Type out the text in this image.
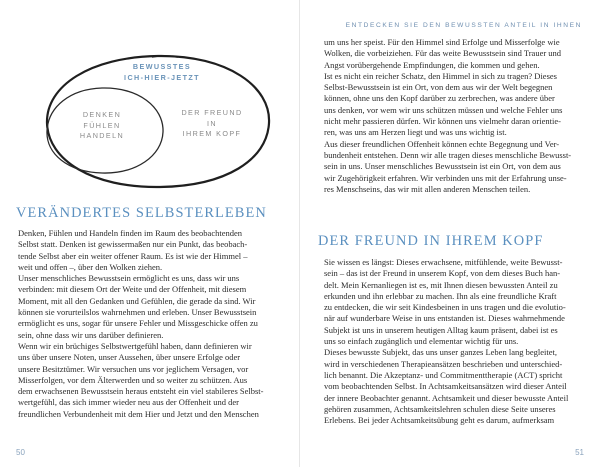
BEWUSSTES
ICH-HIER-JETZT
DENKEN
FÜHLEN
HANDELN
DER FREUND
IN
IHREM KOPF
VERÄNDERTES SELBSTERLEBEN
Denken, Fühlen und Handeln finden im Raum des beobachtenden
Selbst statt. Denken ist gewissermaßen nur ein Punkt, das beobach-
tende Selbst aber ein weiter offener Raum. Es ist wie der Himmel –
weit und offen –, über den Wolken ziehen.
Unser menschliches Bewusstsein ermöglicht es uns, dass wir uns
verbinden: mit diesem Ort der Weite und der Offenheit, mit diesem
Moment, mit all den Gedanken und Gefühlen, die gerade da sind. Wir
können sie vorurteilslos wahrnehmen und erleben. Unser Bewusstsein
ermöglicht es uns, sogar für unsere Fehler und Missgeschicke offen zu
sein, ohne dass wir uns darüber definieren.
Wenn wir ein brüchiges Selbstwertgefühl haben, dann definieren wir
uns über unsere Noten, unser Aussehen, über unsere Erfolge oder
unsere Besitztümer. Wir versuchen uns vor jeglichem Versagen, vor
Misserfolgen, vor dem Älterwerden und so weiter zu schützen. Aus
dem erwachsenen Bewusstsein heraus entsteht ein viel stabileres Selbst-
wertgefühl, das sich immer wieder neu aus der Offenheit und der
freundlichen Verbundenheit mit dem Hier und Jetzt und den Menschen
50
ENTDECKEN SIE DEN BEWUSSTEN ANTEIL IN IHNEN
um uns her speist. Für den Himmel sind Erfolge und Misserfolge wie
Wolken, die vorbeiziehen. Für das weite Bewusstsein sind Trauer und
Angst vorübergehende Empfindungen, die kommen und gehen.
Ist es nicht ein reicher Schatz, den Himmel in sich zu tragen? Dieses
Selbst-Bewusstsein ist ein Ort, von dem aus wir der Welt begegnen
können, ohne uns den Kopf darüber zu zerbrechen, was andere über
uns denken, vor wem wir uns schützen müssen und welche Fehler uns
nicht mehr passieren dürfen. Wir können uns vielmehr daran orientie-
ren, was uns am Herzen liegt und was uns wichtig ist.
Aus dieser freundlichen Offenheit können echte Begegnung und Ver-
bundenheit entstehen. Denn wir alle tragen dieses menschliche Bewusst-
sein in uns. Unser menschliches Bewusstsein ist ein Ort, von dem aus
wir Zugehörigkeit erfahren. Wir verbinden uns mit der Erfahrung unse-
res Menschseins, das wir mit allen anderen Menschen teilen.
DER FREUND IN IHREM KOPF
Sie wissen es längst: Dieses erwachsene, mitfühlende, weite Bewusst-
sein – das ist der Freund in unserem Kopf, von dem dieses Buch han-
delt. Mein Kernanliegen ist es, mit Ihnen diesen bewussten Anteil zu
erkunden und ihn erlebbar zu machen. Ihn als eine freundliche Kraft
zu entdecken, die wir seit Kindesbeinen in uns tragen und die evolutio-
när auf wunderbare Weise in uns entstanden ist. Dieses wahrnehmende
Subjekt ist uns in unserem heutigen Alltag kaum präsent, dabei ist es
uns so einfach zugänglich und elementar wichtig für uns.
Dieses bewusste Subjekt, das uns unser ganzes Leben lang begleitet,
wird in verschiedenen Therapieansätzen beschrieben und unterschied-
lich benannt. Die Akzeptanz- und Commitmenttherapie (ACT) spricht
vom beobachtenden Selbst. In Achtsamkeitsansätzen wird dieser Anteil
der innere Beobachter genannt. Achtsamkeit und dieser bewusste Anteil
gehören zusammen, Achtsamkeitslehren schulen diese Seite unseres
Erlebens. Bei jeder Achtsamkeitsübung geht es darum, aufmerksam
51
